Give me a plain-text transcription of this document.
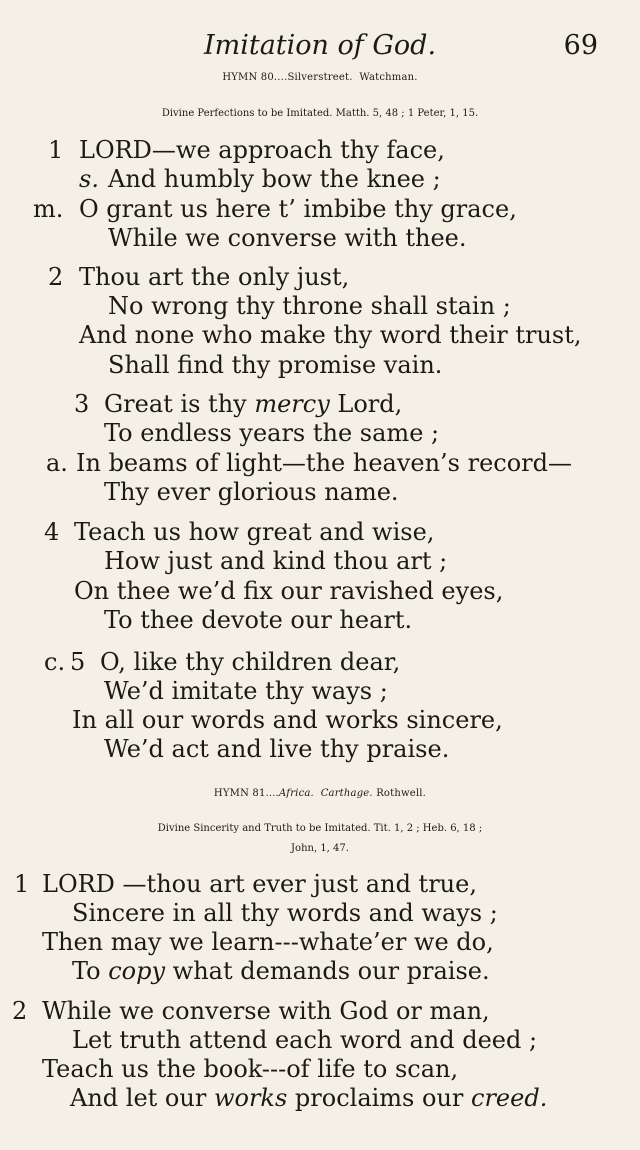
Imitation of God.	69
HYMN 80....Silverstreet. Watchman.
Divine Perfections to be Imitated. Matth. 5, 48 ; 1 Peter, 1, 15.
1 LORD—we approach thy face,
s. And humbly bow the knee ;
m. O grant us here t’ imbibe thy grace,
While we converse with thee.
2 Thou art the only just,
No wrong thy throne shall stain ;
And none who make thy word their trust,
Shall find thy promise vain.
3 Great is thy mercy Lord,
To endless years the same ;
a. In beams of light—the heaven’s record—
Thy ever glorious name.
4 Teach us how great and wise,
How just and kind thou art ;
On thee we’d fix our ravished eyes,
To thee devote our heart.
c. 5 O, like thy children dear,
We’d imitate thy ways ;
In all our words and works sincere,
We’d act and live thy praise.
HYMN 81....Africa. Carthage. Rothwell.
Divine Sincerity and Truth to be Imitated. Tit. 1, 2 ; Heb. 6, 18 ;
John, 1, 47.
1 LORD —thou art ever just and true,
Sincere in all thy words and ways ;
Then may we learn---whate’er we do,
To copy what demands our praise.
2 While we converse with God or man,
Let truth attend each word and deed ;
Teach us the book---of life to scan,
And let our works proclaims our creed.
